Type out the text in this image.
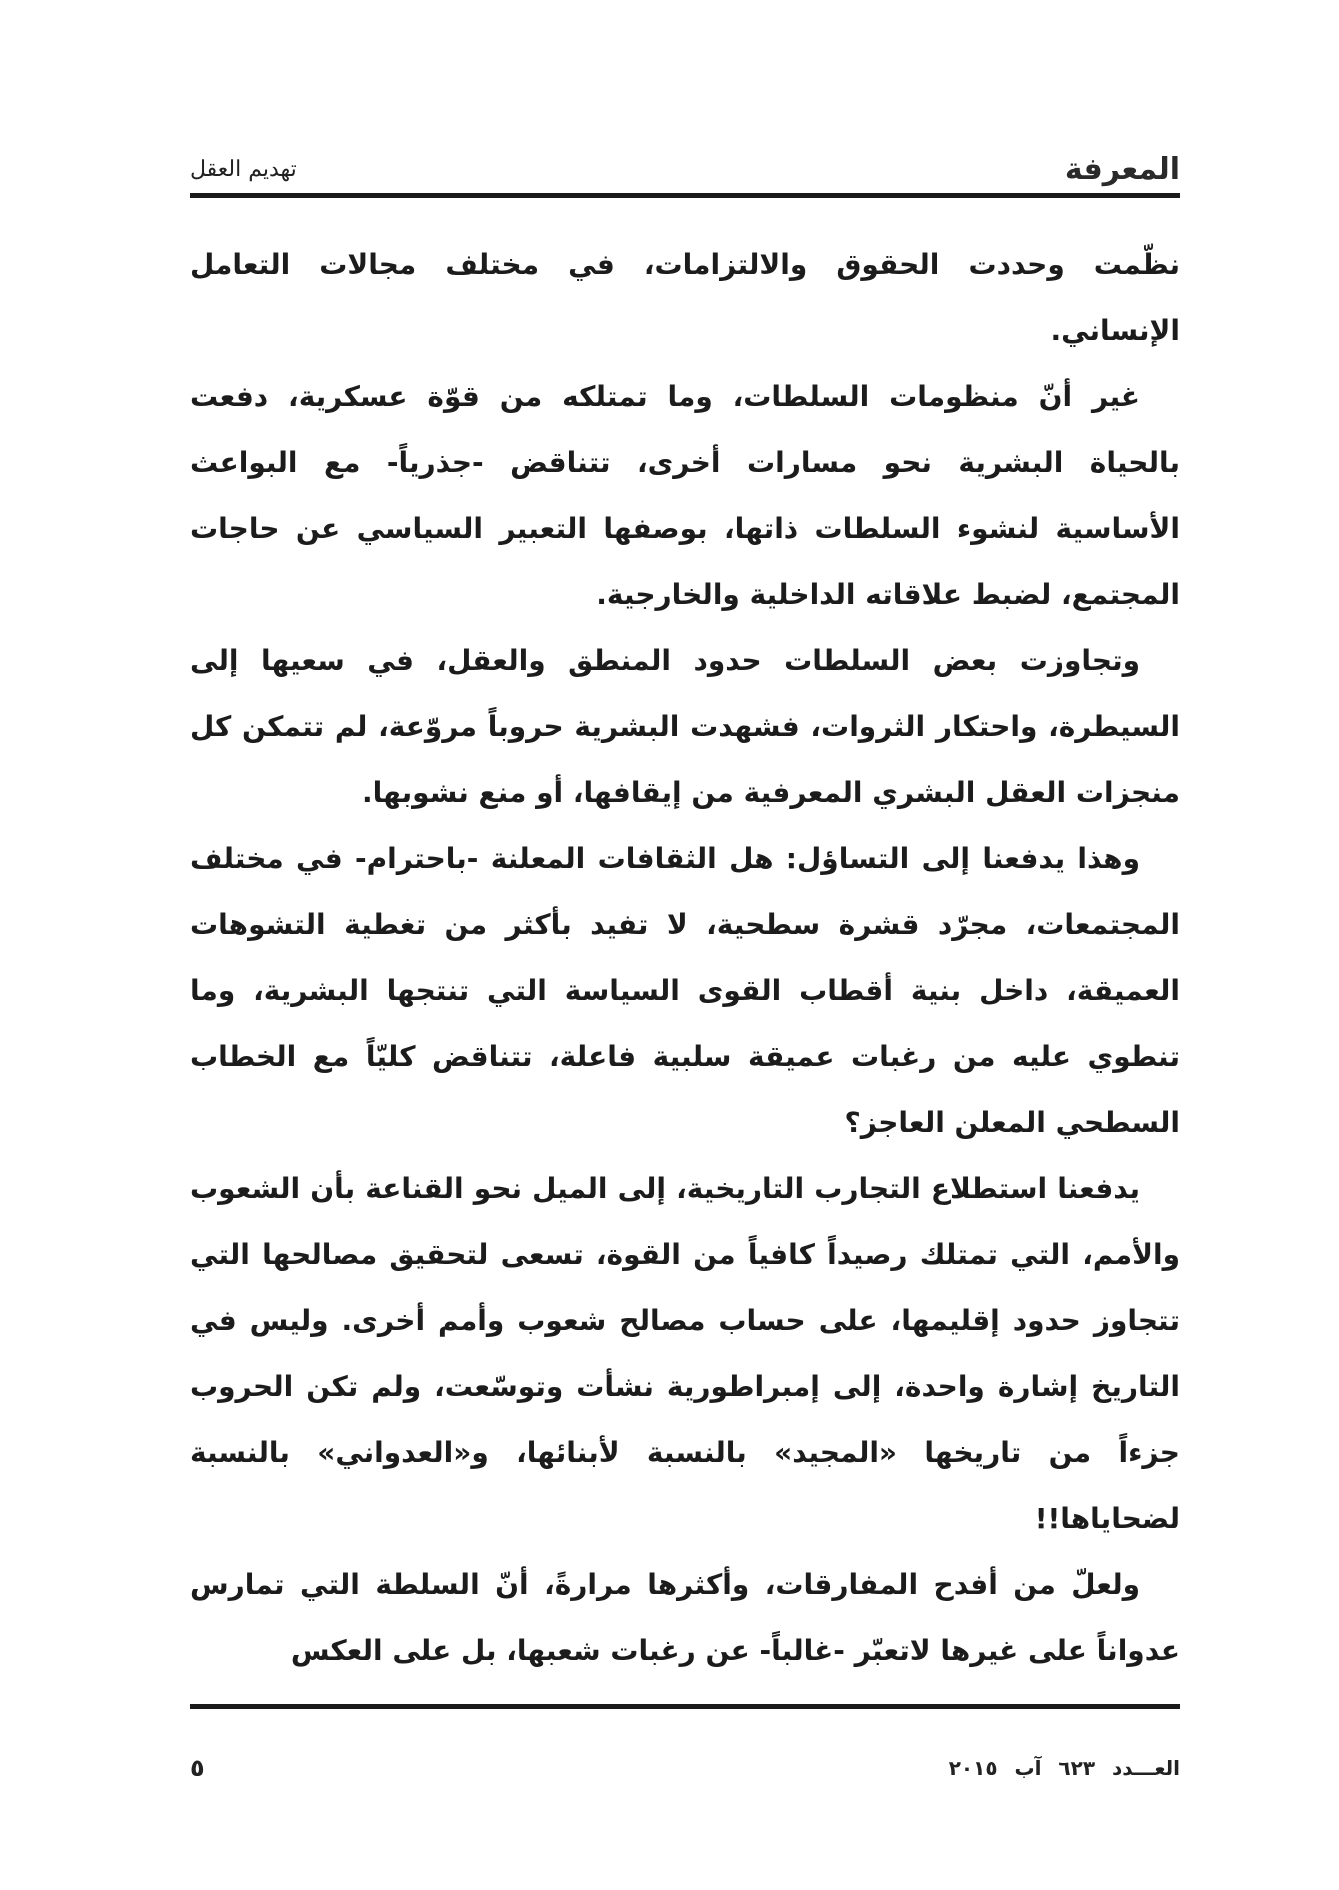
المعرفة
تهديم العقل

نظّمت وحددت الحقوق والالتزامات، في مختلف مجالات التعامل الإنساني.

غير أنّ منظومات السلطات، وما تمتلكه من قوّة عسكرية، دفعت بالحياة البشرية نحو مسارات أخرى، تتناقض -جذرياً- مع البواعث الأساسية لنشوء السلطات ذاتها، بوصفها التعبير السياسي عن حاجات المجتمع، لضبط علاقاته الداخلية والخارجية.

وتجاوزت بعض السلطات حدود المنطق والعقل، في سعيها إلى السيطرة، واحتكار الثروات، فشهدت البشرية حروباً مروّعة، لم تتمكن كل منجزات العقل البشري المعرفية من إيقافها، أو منع نشوبها.

وهذا يدفعنا إلى التساؤل: هل الثقافات المعلنة -باحترام- في مختلف المجتمعات، مجرّد قشرة سطحية، لا تفيد بأكثر من تغطية التشوهات العميقة، داخل بنية أقطاب القوى السياسة التي تنتجها البشرية، وما تنطوي عليه من رغبات عميقة سلبية فاعلة، تتناقض كليّاً مع الخطاب السطحي المعلن العاجز؟

يدفعنا استطلاع التجارب التاريخية، إلى الميل نحو القناعة بأن الشعوب والأمم، التي تمتلك رصيداً كافياً من القوة، تسعى لتحقيق مصالحها التي تتجاوز حدود إقليمها، على حساب مصالح شعوب وأمم أخرى. وليس في التاريخ إشارة واحدة، إلى إمبراطورية نشأت وتوسّعت، ولم تكن الحروب جزءاً من تاريخها «المجيد» بالنسبة لأبنائها، و«العدواني» بالنسبة لضحاياها!!

ولعلّ من أفدح المفارقات، وأكثرها مرارةً، أنّ السلطة التي تمارس عدواناً على غيرها لاتعبّر -غالباً- عن رغبات شعبها، بل على العكس

العـــدد ٦٢٣ آب ٢٠١٥
٥
